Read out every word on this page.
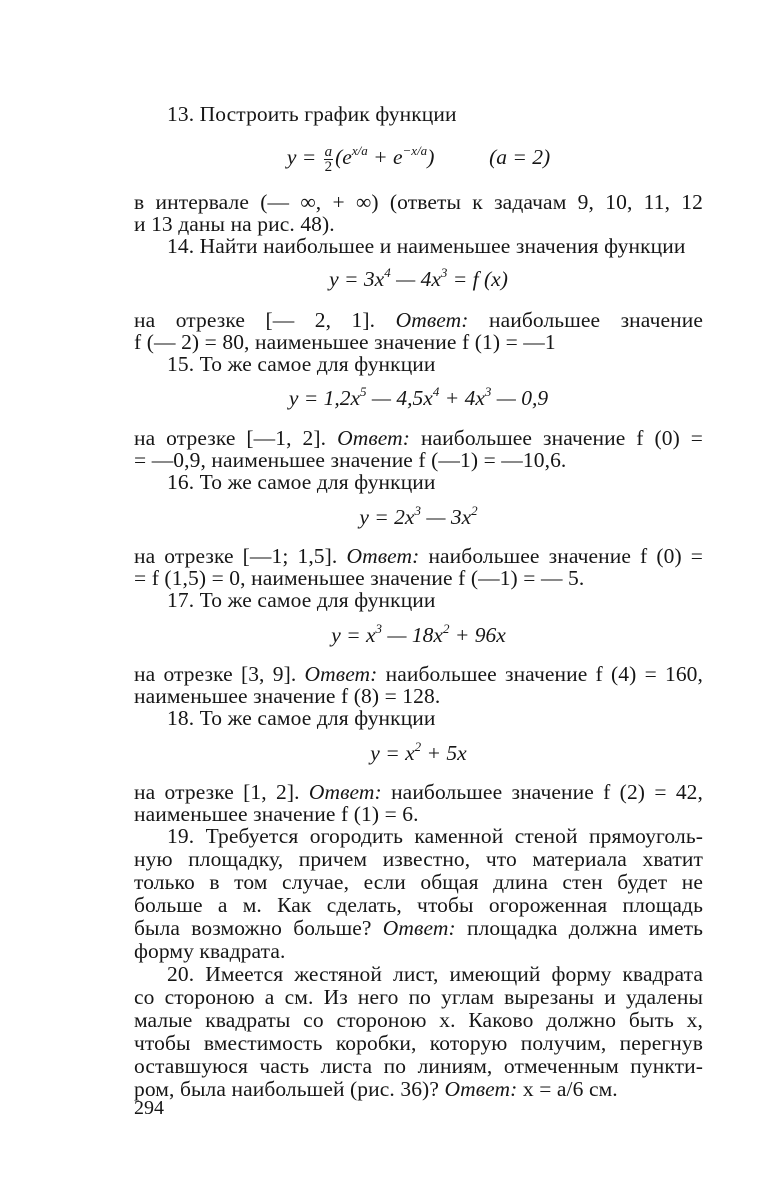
13. Построить график функции
$y = \frac{a}{2} (e^{x/a} + e^{-x/a})$	(a = 2)
в интервале (— ∞, + ∞) (ответы к задачам 9, 10, 11, 12
и 13 даны на рис. 48).
14. Найти наибольшее и наименьшее значения функции
$y = 3x^4$ — $4x^3 = f$ (x)
на отрезке [— 2, 1]. Ответ: наибольшее значение
f (— 2) = 80, наименьшее значение f (1) = —1
15. То же самое для функции
$y = 1,2x^5$ — $4,5x^4 + 4x^3$ — 0,9
на отрезке [—1, 2]. Ответ: наибольшее значение f (0) =
= —0,9, наименьшее значение f (—1) = —10,6.
16. То же самое для функции
$y = 2x^3$ — $3x^2$
на отрезке [—1; 1,5]. Ответ: наибольшее значение f (0) =
= f (1,5) = 0, наименьшее значение f (—1) = — 5.
17. То же самое для функции
$y = x^3$ — $18x^2 + 96x$
на отрезке [3, 9]. Ответ: наибольшее значение f (4) = 160,
наименьшее значение f (8) = 128.
18. То же самое для функции
$y = x^2 + 5x$
на отрезке [1, 2]. Ответ: наибольшее значение f (2) = 42,
наименьшее значение f (1) = 6.
19. Требуется огородить каменной стеной прямоуголь-
ную площадку, причем известно, что материала хватит
только в том случае, если общая длина стен будет не
больше a м. Как сделать, чтобы огороженная площадь
была возможно больше? Ответ: площадка должна иметь
форму квадрата.
20. Имеется жестяной лист, имеющий форму квадрата
со стороною a см. Из него по углам вырезаны и удалены
малые квадраты со стороною x. Каково должно быть x,
чтобы вместимость коробки, которую получим, перегнув
оставшуюся часть листа по линиям, отмеченным пункти-
ром, была наибольшей (рис. 36)? Ответ: x = a/6 см.
294
